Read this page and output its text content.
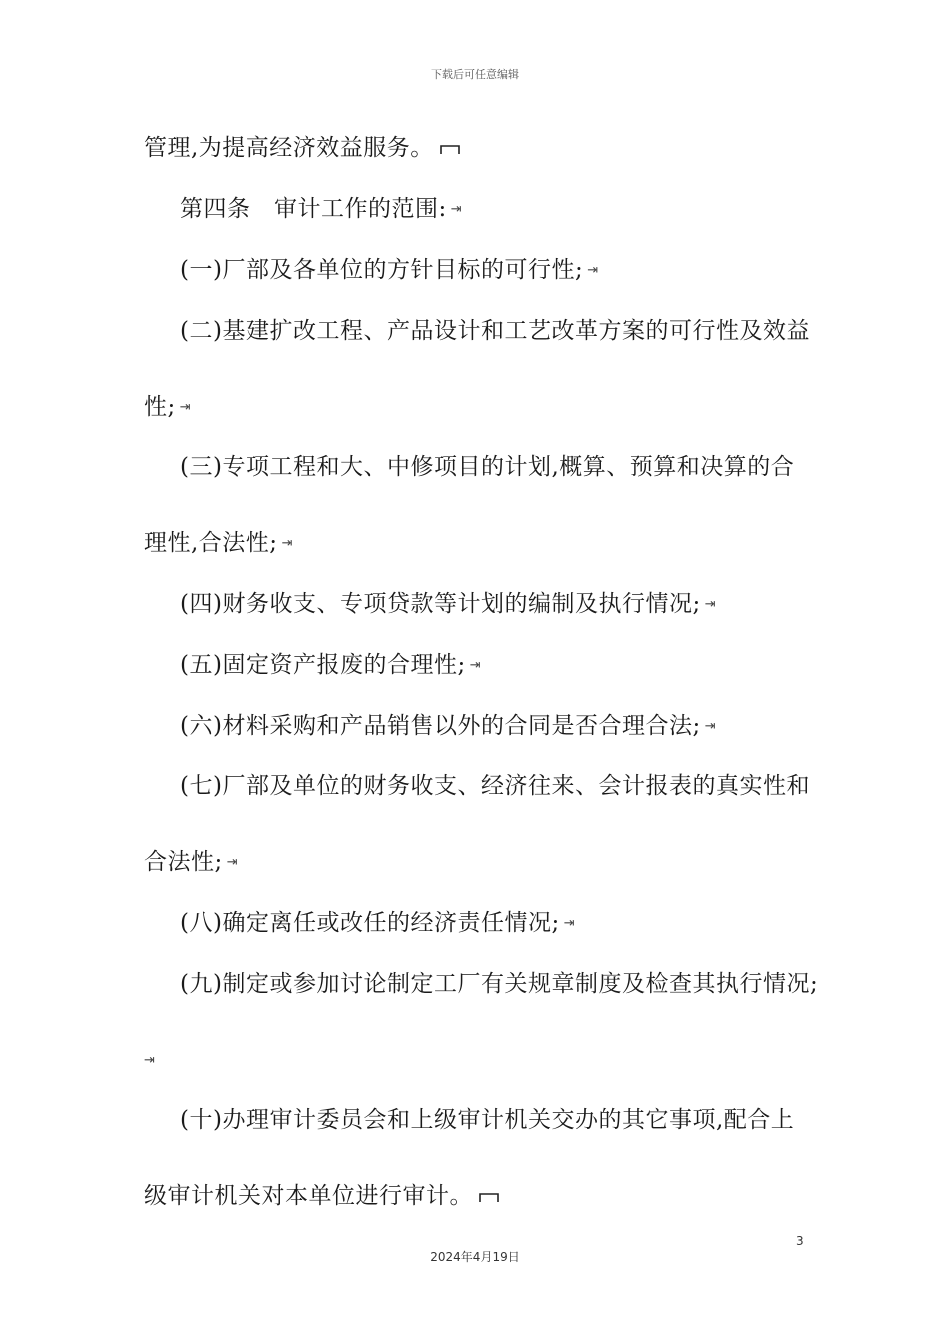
下载后可任意编辑
管理,为提高经济效益服务。
第四条　审计工作的范围: ⇥
(一)厂部及各单位的方针目标的可行性; ⇥
(二)基建扩改工程、产品设计和工艺改革方案的可行性及效益
性; ⇥
(三)专项工程和大、中修项目的计划,概算、预算和决算的合
理性,合法性; ⇥
(四)财务收支、专项贷款等计划的编制及执行情况; ⇥
(五)固定资产报废的合理性; ⇥
(六)材料采购和产品销售以外的合同是否合理合法; ⇥
(七)厂部及单位的财务收支、经济往来、会计报表的真实性和
合法性; ⇥
(八)确定离任或改任的经济责任情况; ⇥
(九)制定或参加讨论制定工厂有关规章制度及检查其执行情况;
⇥
(十)办理审计委员会和上级审计机关交办的其它事项,配合上
级审计机关对本单位进行审计。
3
2024年4月19日
